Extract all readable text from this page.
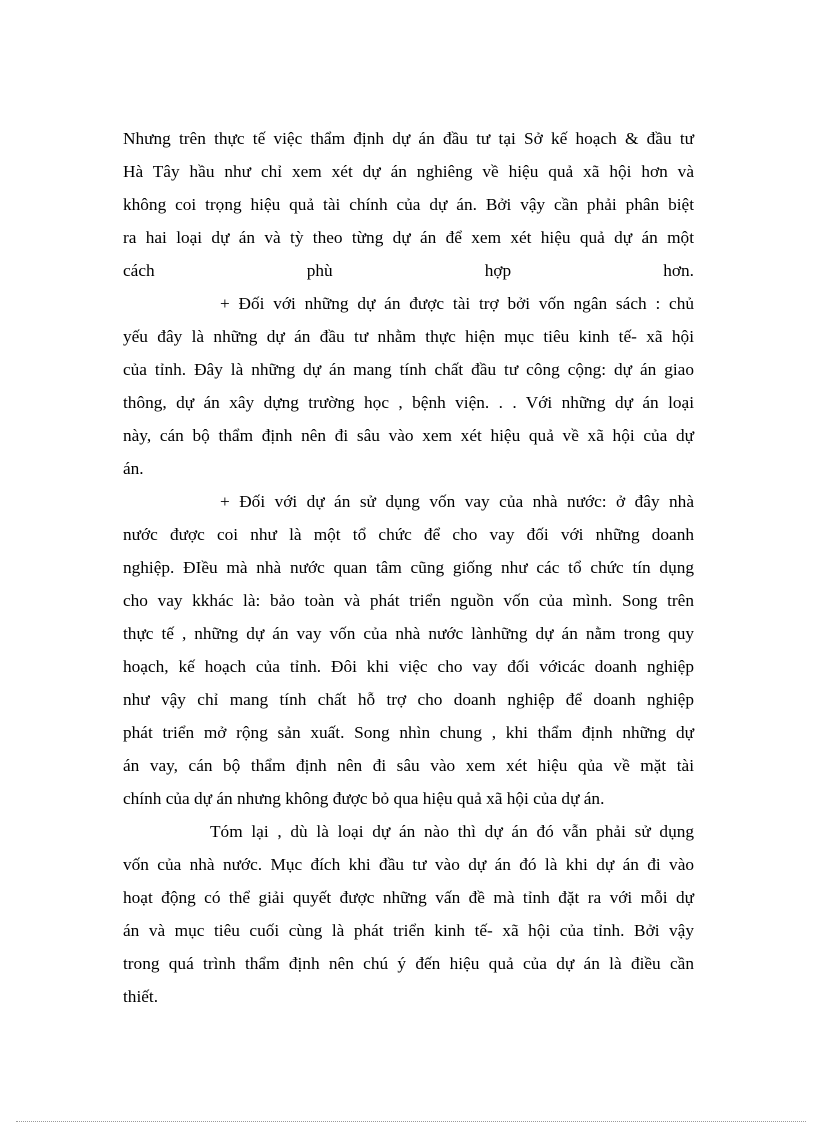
Nhưng trên thực tế việc thẩm định dự án đầu tư tại Sở kế hoạch & đầu tư
Hà Tây hầu như chỉ xem xét dự án nghiêng về hiệu quả xã hội hơn và
không coi trọng hiệu quả tài chính của dự án. Bởi vậy cần phải phân biệt
ra hai loại dự án và tỳ theo từng dự án để xem xét hiệu quả dự án một
cách phù hợp hơn.
+ Đối với những dự án được tài trợ bởi vốn ngân sách : chủ
yếu đây là những dự án đầu tư nhằm thực hiện mục tiêu kinh tế- xã hội
của tỉnh. Đây là những dự án mang tính chất đầu tư công cộng: dự án giao
thông, dự án xây dựng trường học , bệnh viện. . . Với những dự án loại
này, cán bộ thẩm định nên đi sâu vào xem xét hiệu quả về xã hội của dự
án.
+ Đối với dự án sử dụng vốn vay của nhà nước: ở đây nhà
nước được coi như là một tổ chức để cho vay đối với những doanh
nghiệp. ĐIều mà nhà nước quan tâm cũng giống như các tổ chức tín dụng
cho vay kkhác là: bảo toàn và phát triển nguồn vốn của mình. Song trên
thực tế , những dự án vay vốn của nhà nước lànhững dự án nằm trong quy
hoạch, kế hoạch của tỉnh. Đôi khi việc cho vay đối vớicác doanh nghiệp
như vậy chỉ mang tính chất hỗ trợ cho doanh nghiệp để doanh nghiệp
phát triển mở rộng sản xuất. Song nhìn chung , khi thẩm định những dự
án vay, cán bộ thẩm định nên đi sâu vào xem xét hiệu qủa về mặt tài
chính của dự án nhưng không được bỏ qua hiệu quả xã hội của dự án.
Tóm lại , dù là loại dự án nào thì dự án đó vẫn phải sử dụng
vốn của nhà nước. Mục đích khi đầu tư vào dự án đó là khi dự án đi vào
hoạt động có thể giải quyết được những vấn đề mà tỉnh đặt ra với mỗi dự
án và mục tiêu cuối cùng là phát triển kinh tế- xã hội của tỉnh. Bởi vậy
trong quá trình thẩm định nên chú ý đến hiệu quả của dự án là điều cần
thiết.
